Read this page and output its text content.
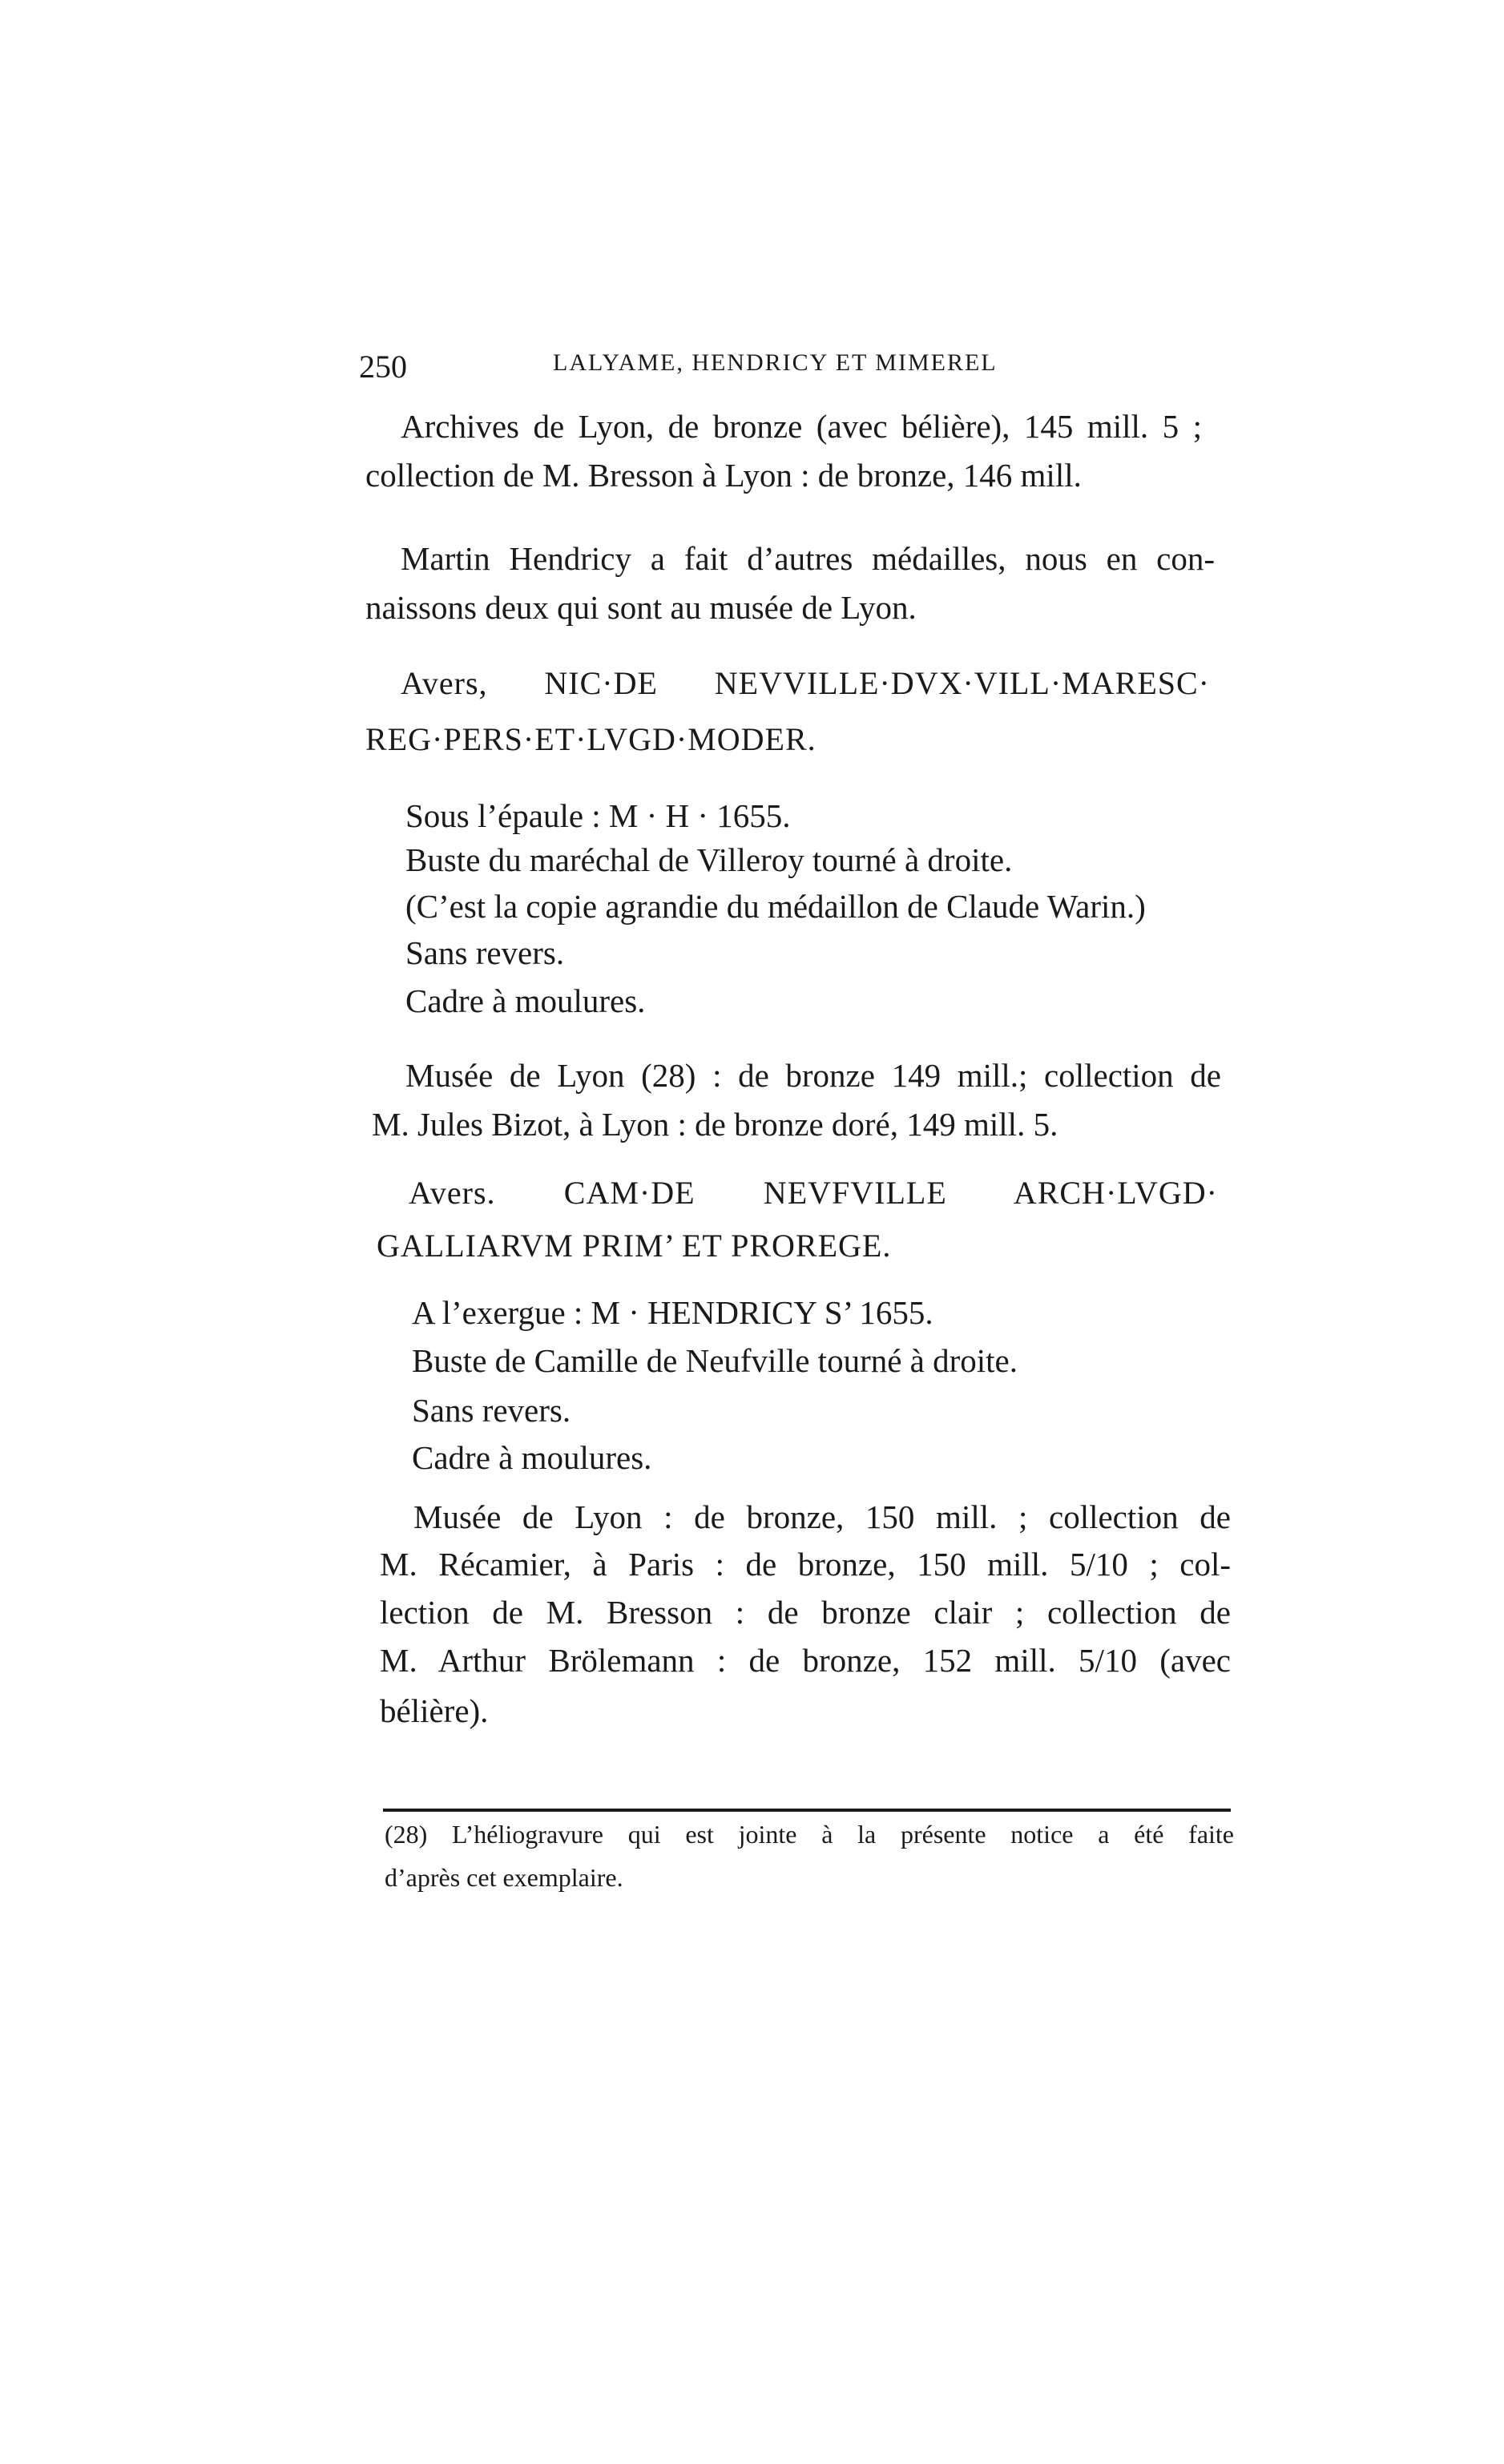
250	LALYAME, HENDRICY ET MIMEREL
Archives de Lyon, de bronze (avec bélière), 145 mill. 5 ;
collection de M. Bresson à Lyon : de bronze, 146 mill.
Martin Hendricy a fait d’autres médailles, nous en con-
naissons deux qui sont au musée de Lyon.
Avers, NIC·DE NEVVILLE·DVX·VILL·MARESC·
REG·PERS·ET·LVGD·MODER.
Sous l’épaule : M · H · 1655.
Buste du maréchal de Villeroy tourné à droite.
(C’est la copie agrandie du médaillon de Claude Warin.)
Sans revers.
Cadre à moulures.
Musée de Lyon (28) : de bronze 149 mill.; collection de
M. Jules Bizot, à Lyon : de bronze doré, 149 mill. 5.
Avers. CAM·DE NEVFVILLE ARCH·LVGD·
GALLIARVM PRIM’ ET PROREGE.
A l’exergue : M · HENDRICY S’ 1655.
Buste de Camille de Neufville tourné à droite.
Sans revers.
Cadre à moulures.
Musée de Lyon : de bronze, 150 mill. ; collection de
M. Récamier, à Paris : de bronze, 150 mill. 5/10 ; col-
lection de M. Bresson : de bronze clair ; collection de
M. Arthur Brölemann : de bronze, 152 mill. 5/10 (avec
bélière).
(28) L’héliogravure qui est jointe à la présente notice a été faite
d’après cet exemplaire.
